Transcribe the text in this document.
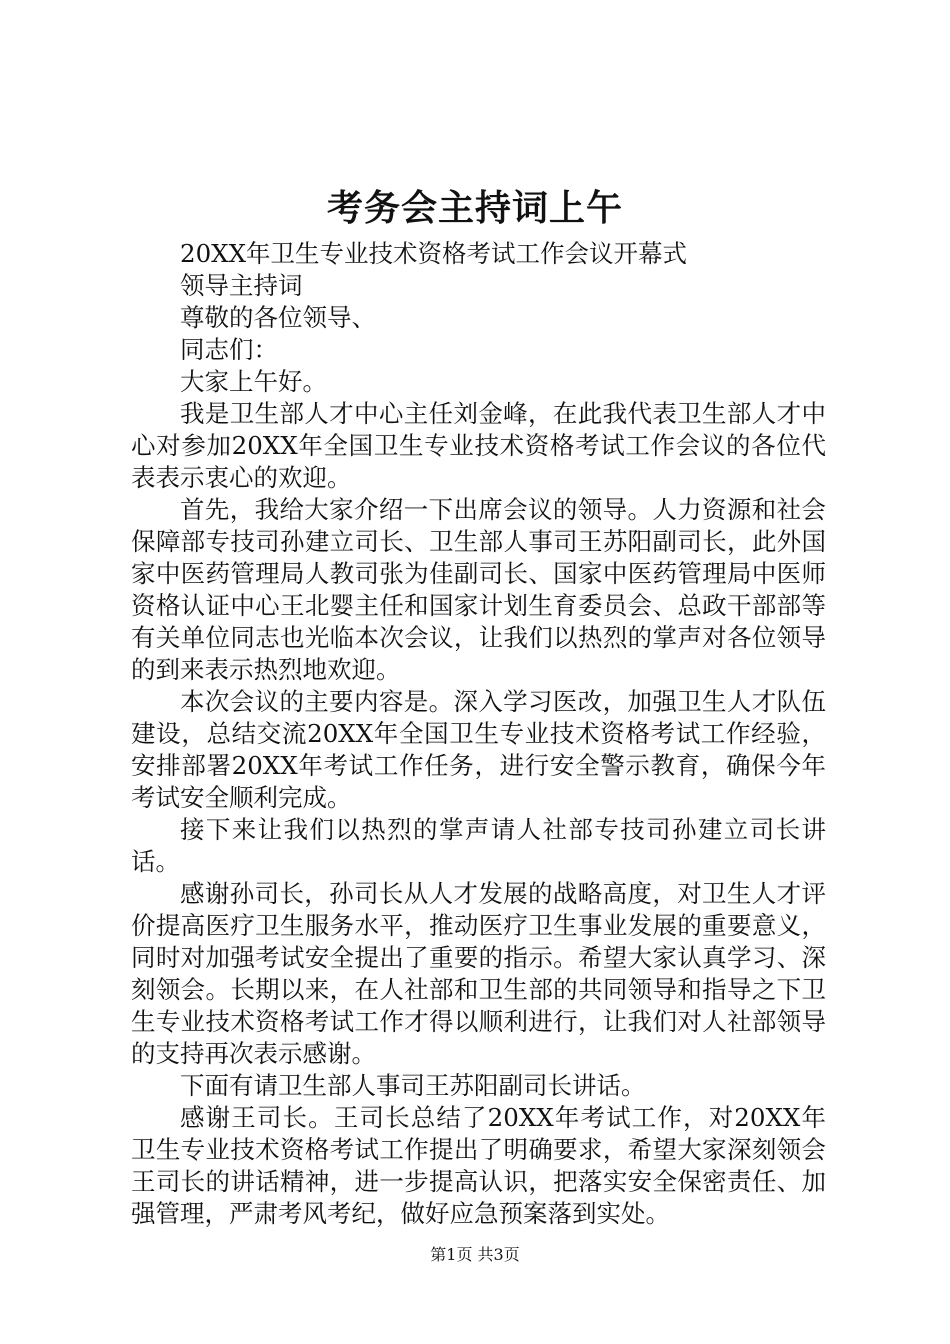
考务会主持词上午

20XX年卫生专业技术资格考试工作会议开幕式

领导主持词

尊敬的各位领导、

同志们：

大家上午好。

我是卫生部人才中心主任刘金峰，在此我代表卫生部人才中心对参加20XX年全国卫生专业技术资格考试工作会议的各位代表表示衷心的欢迎。

首先，我给大家介绍一下出席会议的领导。人力资源和社会保障部专技司孙建立司长、卫生部人事司王苏阳副司长，此外国家中医药管理局人教司张为佳副司长、国家中医药管理局中医师资格认证中心王北婴主任和国家计划生育委员会、总政干部部等有关单位同志也光临本次会议，让我们以热烈的掌声对各位领导的到来表示热烈地欢迎。

本次会议的主要内容是。深入学习医改，加强卫生人才队伍建设，总结交流20XX年全国卫生专业技术资格考试工作经验，安排部署20XX年考试工作任务，进行安全警示教育，确保今年考试安全顺利完成。

接下来让我们以热烈的掌声请人社部专技司孙建立司长讲话。

感谢孙司长，孙司长从人才发展的战略高度，对卫生人才评价提高医疗卫生服务水平，推动医疗卫生事业发展的重要意义，同时对加强考试安全提出了重要的指示。希望大家认真学习、深刻领会。长期以来，在人社部和卫生部的共同领导和指导之下卫生专业技术资格考试工作才得以顺利进行，让我们对人社部领导的支持再次表示感谢。

下面有请卫生部人事司王苏阳副司长讲话。

感谢王司长。王司长总结了20XX年考试工作，对20XX年卫生专业技术资格考试工作提出了明确要求，希望大家深刻领会王司长的讲话精神，进一步提高认识，把落实安全保密责任、加强管理，严肃考风考纪，做好应急预案落到实处。

第1页 共3页
